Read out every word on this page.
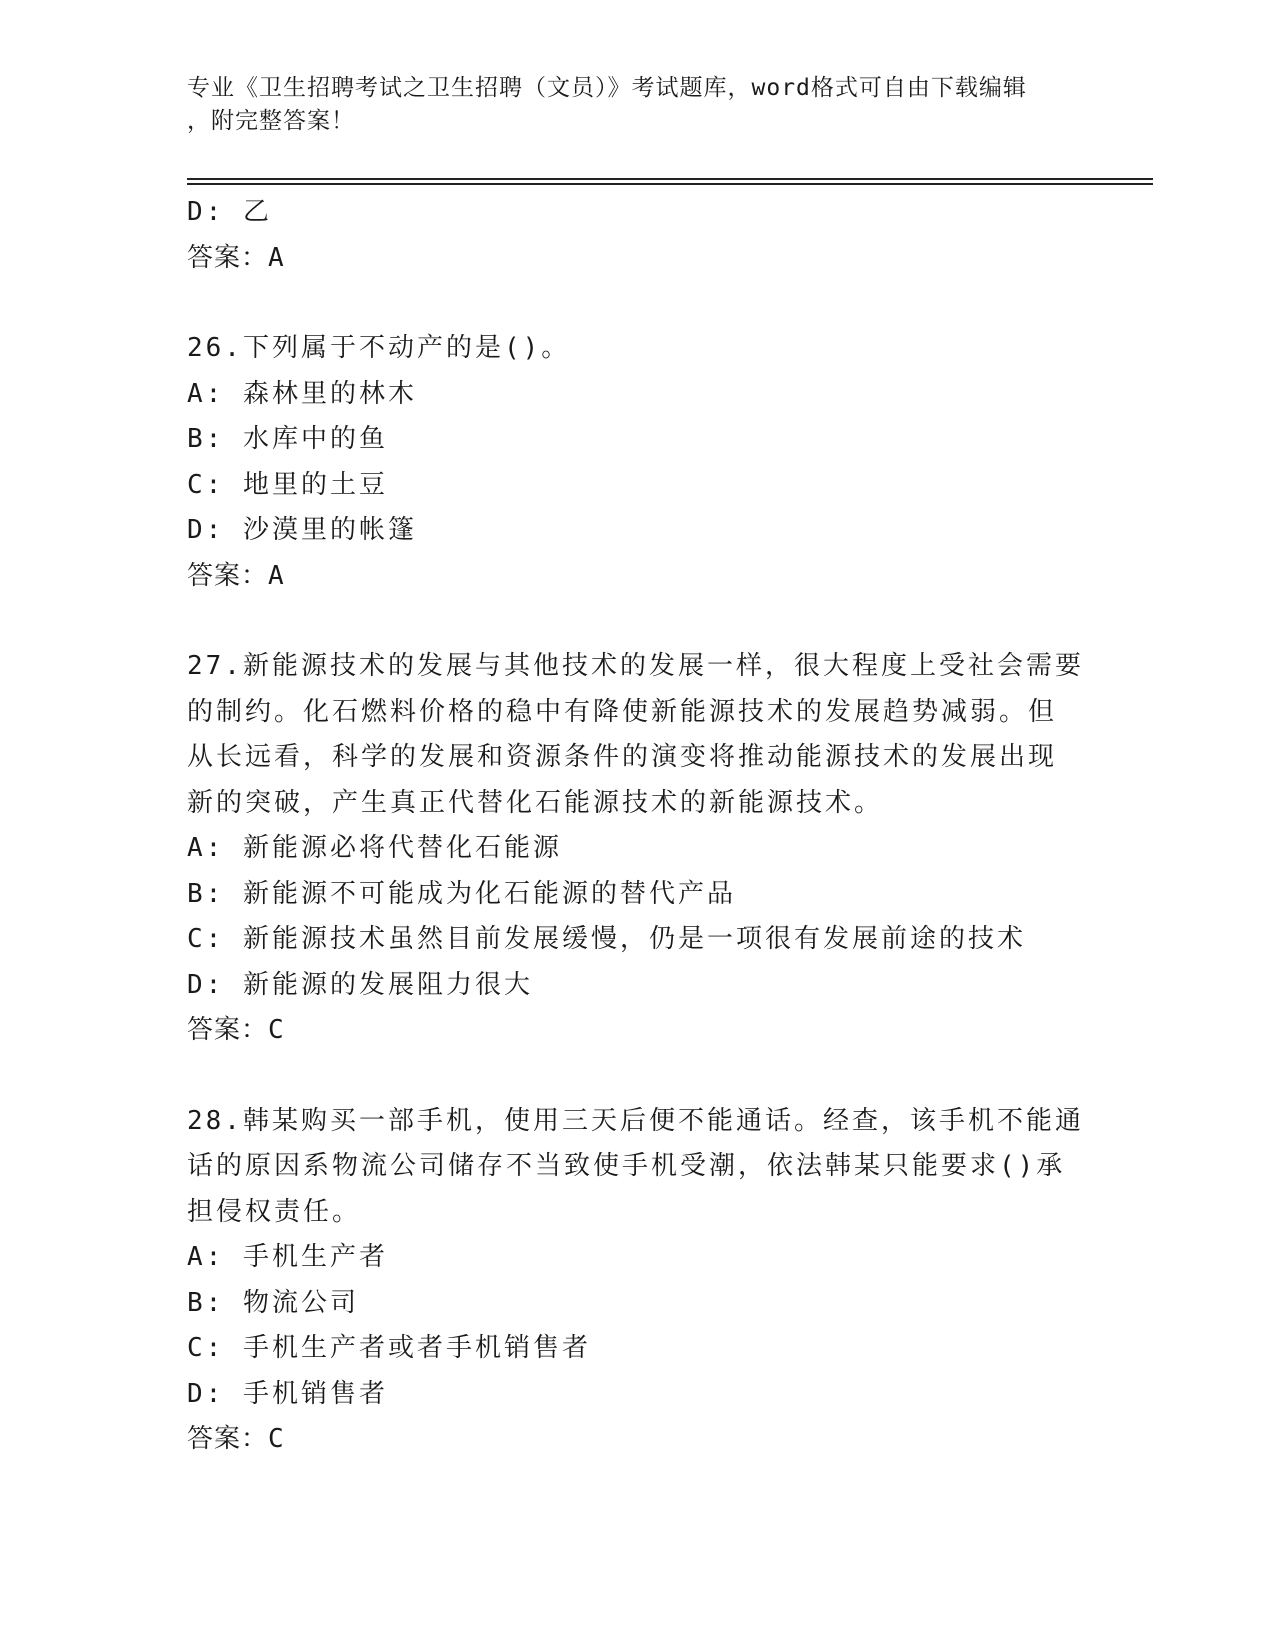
专业《卫生招聘考试之卫生招聘（文员）》考试题库，word格式可自由下载编辑
，附完整答案！
D: 乙
答案：A
26.下列属于不动产的是()。
A: 森林里的林木
B: 水库中的鱼
C: 地里的土豆
D: 沙漠里的帐篷
答案：A
27.新能源技术的发展与其他技术的发展一样，很大程度上受社会需要
的制约。化石燃料价格的稳中有降使新能源技术的发展趋势减弱。但
从长远看，科学的发展和资源条件的演变将推动能源技术的发展出现
新的突破，产生真正代替化石能源技术的新能源技术。
A: 新能源必将代替化石能源
B: 新能源不可能成为化石能源的替代产品
C: 新能源技术虽然目前发展缓慢，仍是一项很有发展前途的技术
D: 新能源的发展阻力很大
答案：C
28.韩某购买一部手机，使用三天后便不能通话。经查，该手机不能通
话的原因系物流公司储存不当致使手机受潮，依法韩某只能要求()承
担侵权责任。
A: 手机生产者
B: 物流公司
C: 手机生产者或者手机销售者
D: 手机销售者
答案：C
